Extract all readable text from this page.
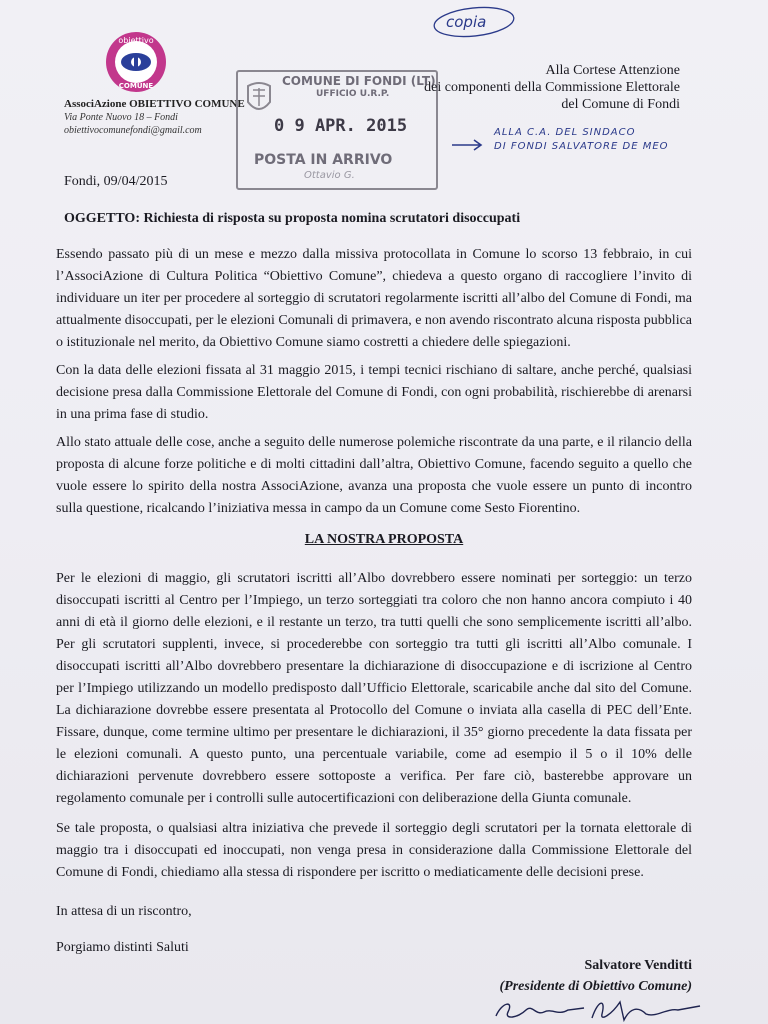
copia
obiettivo
COMUNE
AssociAzione OBIETTIVO COMUNE
Via Ponte Nuovo 18 – Fondi
obiettivocomunefondi@gmail.com
COMUNE DI FONDI (LT)
UFFICIO U.R.P.
0 9 APR. 2015
POSTA IN ARRIVO
Ottavio G.
Alla Cortese Attenzione
dei componenti della Commissione Elettorale
del Comune di Fondi
ALLA C.A. DEL SINDACO
DI FONDI SALVATORE DE MEO
Fondi, 09/04/2015
OGGETTO: Richiesta di risposta su proposta nomina scrutatori disoccupati

Essendo passato più di un mese e mezzo dalla missiva protocollata in Comune lo scorso 13 febbraio, in cui l’AssociAzione di Cultura Politica “Obiettivo Comune”, chiedeva a questo organo di raccogliere l’invito di individuare un iter per procedere al sorteggio di scrutatori regolarmente iscritti all’albo del Comune di Fondi, ma attualmente disoccupati, per le elezioni Comunali di primavera, e non avendo riscontrato alcuna risposta pubblica o istituzionale nel merito, da Obiettivo Comune siamo costretti a chiedere delle spiegazioni.

Con la data delle elezioni fissata al 31 maggio 2015, i tempi tecnici rischiano di saltare, anche perché, qualsiasi decisione presa dalla Commissione Elettorale del Comune di Fondi, con ogni probabilità, rischierebbe di arenarsi in una prima fase di studio.

Allo stato attuale delle cose, anche a seguito delle numerose polemiche riscontrate da una parte, e il rilancio della proposta di alcune forze politiche e di molti cittadini dall’altra, Obiettivo Comune, facendo seguito a quello che vuole essere lo spirito della nostra AssociAzione, avanza una proposta che vuole essere un punto di incontro sulla questione, ricalcando l’iniziativa messa in campo da un Comune come Sesto Fiorentino.

LA NOSTRA PROPOSTA

Per le elezioni di maggio, gli scrutatori iscritti all’Albo dovrebbero essere nominati per sorteggio: un terzo disoccupati iscritti al Centro per l’Impiego, un terzo sorteggiati tra coloro che non hanno ancora compiuto i 40 anni di età il giorno delle elezioni, e il restante un terzo, tra tutti quelli che sono semplicemente iscritti all’albo. Per gli scrutatori supplenti, invece, si procederebbe con sorteggio tra tutti gli iscritti all’Albo comunale. I disoccupati iscritti all’Albo dovrebbero presentare la dichiarazione di disoccupazione e di iscrizione al Centro per l’Impiego utilizzando un modello predisposto dall’Ufficio Elettorale, scaricabile anche dal sito del Comune. La dichiarazione dovrebbe essere presentata al Protocollo del Comune o inviata alla casella di PEC dell’Ente. Fissare, dunque, come termine ultimo per presentare le dichiarazioni, il 35° giorno precedente la data fissata per le elezioni comunali. A questo punto, una percentuale variabile, come ad esempio il 5 o il 10% delle dichiarazioni pervenute dovrebbero essere sottoposte a verifica. Per fare ciò, basterebbe approvare un regolamento comunale per i controlli sulle autocertificazioni con deliberazione della Giunta comunale.

Se tale proposta, o qualsiasi altra iniziativa che prevede il sorteggio degli scrutatori per la tornata elettorale di maggio tra i disoccupati ed inoccupati, non venga presa in considerazione dalla Commissione Elettorale del Comune di Fondi, chiediamo alla stessa di rispondere per iscritto o mediaticamente delle decisioni prese.

In attesa di un riscontro,
Porgiamo distinti Saluti
Salvatore Venditti
(Presidente di Obiettivo Comune)
